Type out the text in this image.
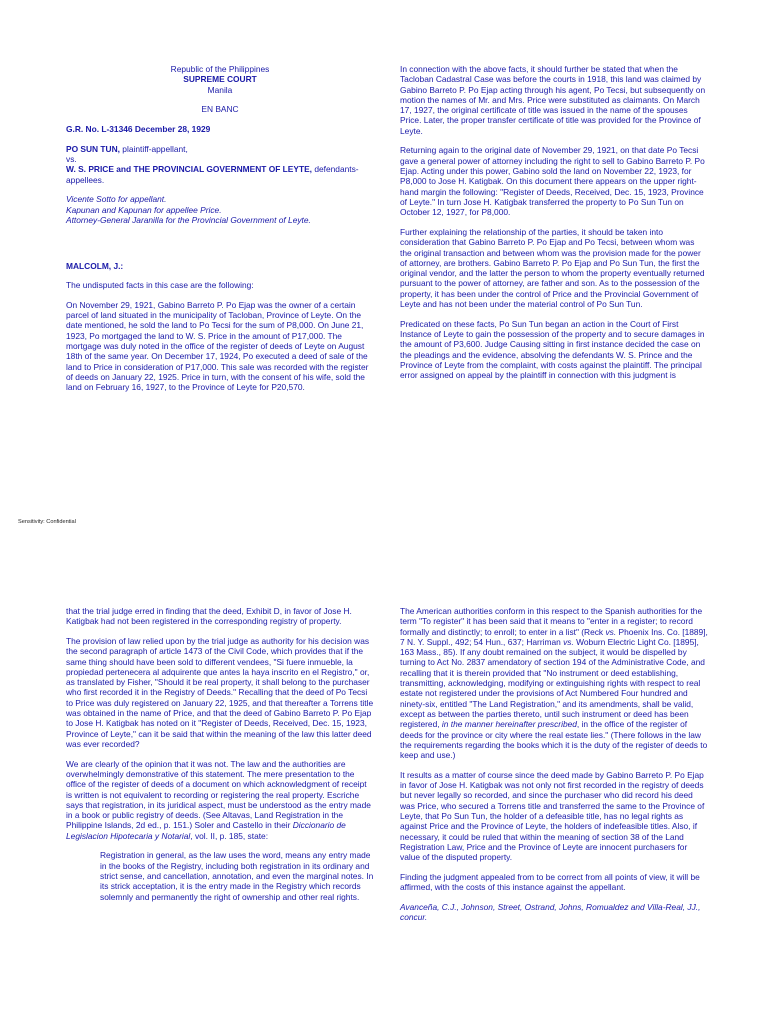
Republic of the Philippines
SUPREME COURT
Manila
EN BANC

G.R. No. L-31346 December 28, 1929

PO SUN TUN, plaintiff-appellant,
vs.
W. S. PRICE and THE PROVINCIAL GOVERNMENT OF LEYTE, defendants-appellees.

Vicente Sotto for appellant.
Kapunan and Kapunan for appellee Price.
Attorney-General Jaranilla for the Provincial Government of Leyte.

MALCOLM, J.:

The undisputed facts in this case are the following:

On November 29, 1921, Gabino Barreto P. Po Ejap was the owner of a certain parcel of land situated in the municipality of Tacloban, Province of Leyte. On the date mentioned, he sold the land to Po Tecsi for the sum of P8,000. On June 21, 1923, Po mortgaged the land to W. S. Price in the amount of P17,000. The mortgage was duly noted in the office of the register of deeds of Leyte on August 18th of the same year. On December 17, 1924, Po executed a deed of sale of the land to Price in consideration of P17,000. This sale was recorded with the register of deeds on January 22, 1925. Price in turn, with the consent of his wife, sold the land on February 16, 1927, to the Province of Leyte for P20,570.

In connection with the above facts, it should further be stated that when the Tacloban Cadastral Case was before the courts in 1918, this land was claimed by Gabino Barreto P. Po Ejap acting through his agent, Po Tecsi, but subsequently on motion the names of Mr. and Mrs. Price were substituted as claimants. On March 17, 1927, the original certificate of title was issued in the name of the spouses Price. Later, the proper transfer certificate of title was provided for the Province of Leyte.

Returning again to the original date of November 29, 1921, on that date Po Tecsi gave a general power of attorney including the right to sell to Gabino Barreto P. Po Ejap. Acting under this power, Gabino sold the land on November 22, 1923, for P8,000 to Jose H. Katigbak. On this document there appears on the upper right-hand margin the following: "Register of Deeds, Received, Dec. 15, 1923, Province of Leyte." In turn Jose H. Katigbak transferred the property to Po Sun Tun on October 12, 1927, for P8,000.

Further explaining the relationship of the parties, it should be taken into consideration that Gabino Barreto P. Po Ejap and Po Tecsi, between whom was the original transaction and between whom was the provision made for the power of attorney, are brothers. Gabino Barreto P. Po Ejap and Po Sun Tun, the first the original vendor, and the latter the person to whom the property eventually returned pursuant to the power of attorney, are father and son. As to the possession of the property, it has been under the control of Price and the Provincial Government of Leyte and has not been under the material control of Po Sun Tun.

Predicated on these facts, Po Sun Tun began an action in the Court of First Instance of Leyte to gain the possession of the property and to secure damages in the amount of P3,600. Judge Causing sitting in first instance decided the case on the pleadings and the evidence, absolving the defendants W. S. Prince and the Province of Leyte from the complaint, with costs against the plaintiff. The principal error assigned on appeal by the plaintiff in connection with this judgment is

Sensitivity: Confidential

that the trial judge erred in finding that the deed, Exhibit D, in favor of Jose H. Katigbak had not been registered in the corresponding registry of property.

The provision of law relied upon by the trial judge as authority for his decision was the second paragraph of article 1473 of the Civil Code, which provides that if the same thing should have been sold to different vendees, "Si fuere inmueble, la propiedad pertenecera al adquirente que antes la haya inscrito en el Registro," or, as translated by Fisher, "Should it be real property, it shall belong to the purchaser who first recorded it in the Registry of Deeds." Recalling that the deed of Po Tecsi to Price was duly registered on January 22, 1925, and that thereafter a Torrens title was obtained in the name of Price, and that the deed of Gabino Barreto P. Po Ejap to Jose H. Katigbak has noted on it "Register of Deeds, Received, Dec. 15, 1923, Province of Leyte," can it be said that within the meaning of the law this latter deed was ever recorded?

We are clearly of the opinion that it was not. The law and the authorities are overwhelmingly demonstrative of this statement. The mere presentation to the office of the register of deeds of a document on which acknowledgment of receipt is written is not equivalent to recording or registering the real property. Escriche says that registration, in its juridical aspect, must be understood as the entry made in a book or public registry of deeds. (See Altavas, Land Registration in the Philippine Islands, 2d ed., p. 151.) Soler and Castello in their Diccionario de Legislacion Hipotecaria y Notarial, vol. II, p. 185, state:

Registration in general, as the law uses the word, means any entry made in the books of the Registry, including both registration in its ordinary and strict sense, and cancellation, annotation, and even the marginal notes. In its strick acceptation, it is the entry made in the Registry which records solemnly and permanently the right of ownership and other real rights.

The American authorities conform in this respect to the Spanish authorities for the term "To register" it has been said that it means to "enter in a register; to record formally and distinctly; to enroll; to enter in a list" (Reck vs. Phoenix Ins. Co. [1889], 7 N. Y. Suppl., 492; 54 Hun., 637; Harriman vs. Woburn Electric Light Co. [1895], 163 Mass., 85). If any doubt remained on the subject, it would be dispelled by turning to Act No. 2837 amendatory of section 194 of the Administrative Code, and recalling that it is therein provided that "No instrument or deed establishing, transmitting, acknowledging, modifying or extinguishing rights with respect to real estate not registered under the provisions of Act Numbered Four hundred and ninety-six, entitled "The Land Registration," and its amendments, shall be valid, except as between the parties thereto, until such instrument or deed has been registered, in the manner hereinafter prescribed, in the office of the register of deeds for the province or city where the real estate lies." (There follows in the law the requirements regarding the books which it is the duty of the register of deeds to keep and use.)

It results as a matter of course since the deed made by Gabino Barreto P. Po Ejap in favor of Jose H. Katigbak was not only not first recorded in the registry of deeds but never legally so recorded, and since the purchaser who did record his deed was Price, who secured a Torrens title and transferred the same to the Province of Leyte, that Po Sun Tun, the holder of a defeasible title, has no legal rights as against Price and the Province of Leyte, the holders of indefeasible titles. Also, if necessary, it could be ruled that within the meaning of section 38 of the Land Registration Law, Price and the Province of Leyte are innocent purchasers for value of the disputed property.

Finding the judgment appealed from to be correct from all points of view, it will be affirmed, with the costs of this instance against the appellant.

Avanceña, C.J., Johnson, Street, Ostrand, Johns, Romualdez and Villa-Real, JJ., concur.
